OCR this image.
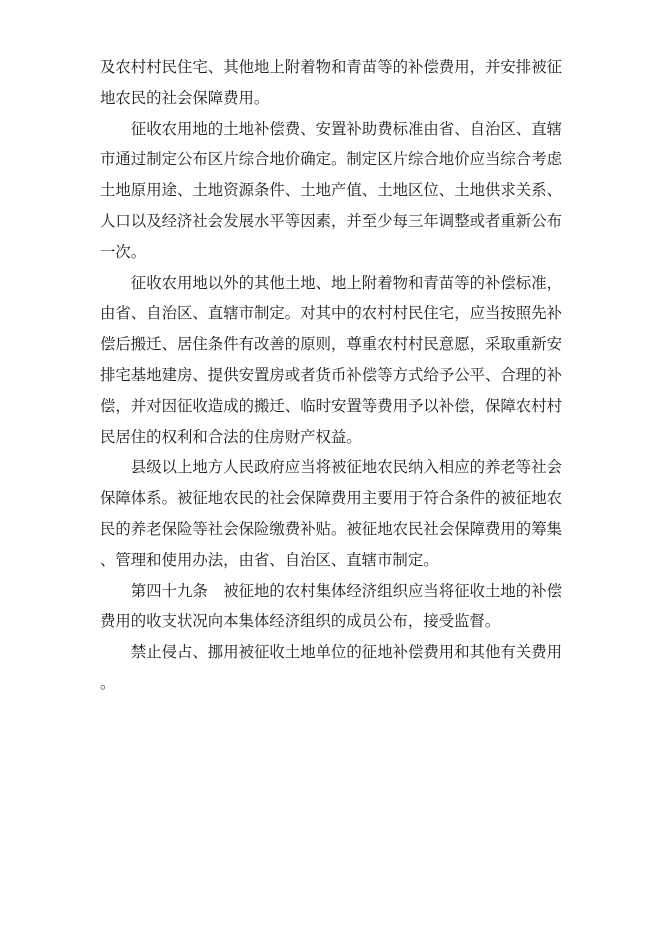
及农村村民住宅、其他地上附着物和青苗等的补偿费用，并安排被征地农民的社会保障费用。

征收农用地的土地补偿费、安置补助费标准由省、自治区、直辖市通过制定公布区片综合地价确定。制定区片综合地价应当综合考虑土地原用途、土地资源条件、土地产值、土地区位、土地供求关系、人口以及经济社会发展水平等因素，并至少每三年调整或者重新公布一次。

征收农用地以外的其他土地、地上附着物和青苗等的补偿标准，由省、自治区、直辖市制定。对其中的农村村民住宅，应当按照先补偿后搬迁、居住条件有改善的原则，尊重农村村民意愿，采取重新安排宅基地建房、提供安置房或者货币补偿等方式给予公平、合理的补偿，并对因征收造成的搬迁、临时安置等费用予以补偿，保障农村村民居住的权利和合法的住房财产权益。

县级以上地方人民政府应当将被征地农民纳入相应的养老等社会保障体系。被征地农民的社会保障费用主要用于符合条件的被征地农民的养老保险等社会保险缴费补贴。被征地农民社会保障费用的筹集、管理和使用办法，由省、自治区、直辖市制定。

第四十九条　被征地的农村集体经济组织应当将征收土地的补偿费用的收支状况向本集体经济组织的成员公布，接受监督。

禁止侵占、挪用被征收土地单位的征地补偿费用和其他有关费用。
